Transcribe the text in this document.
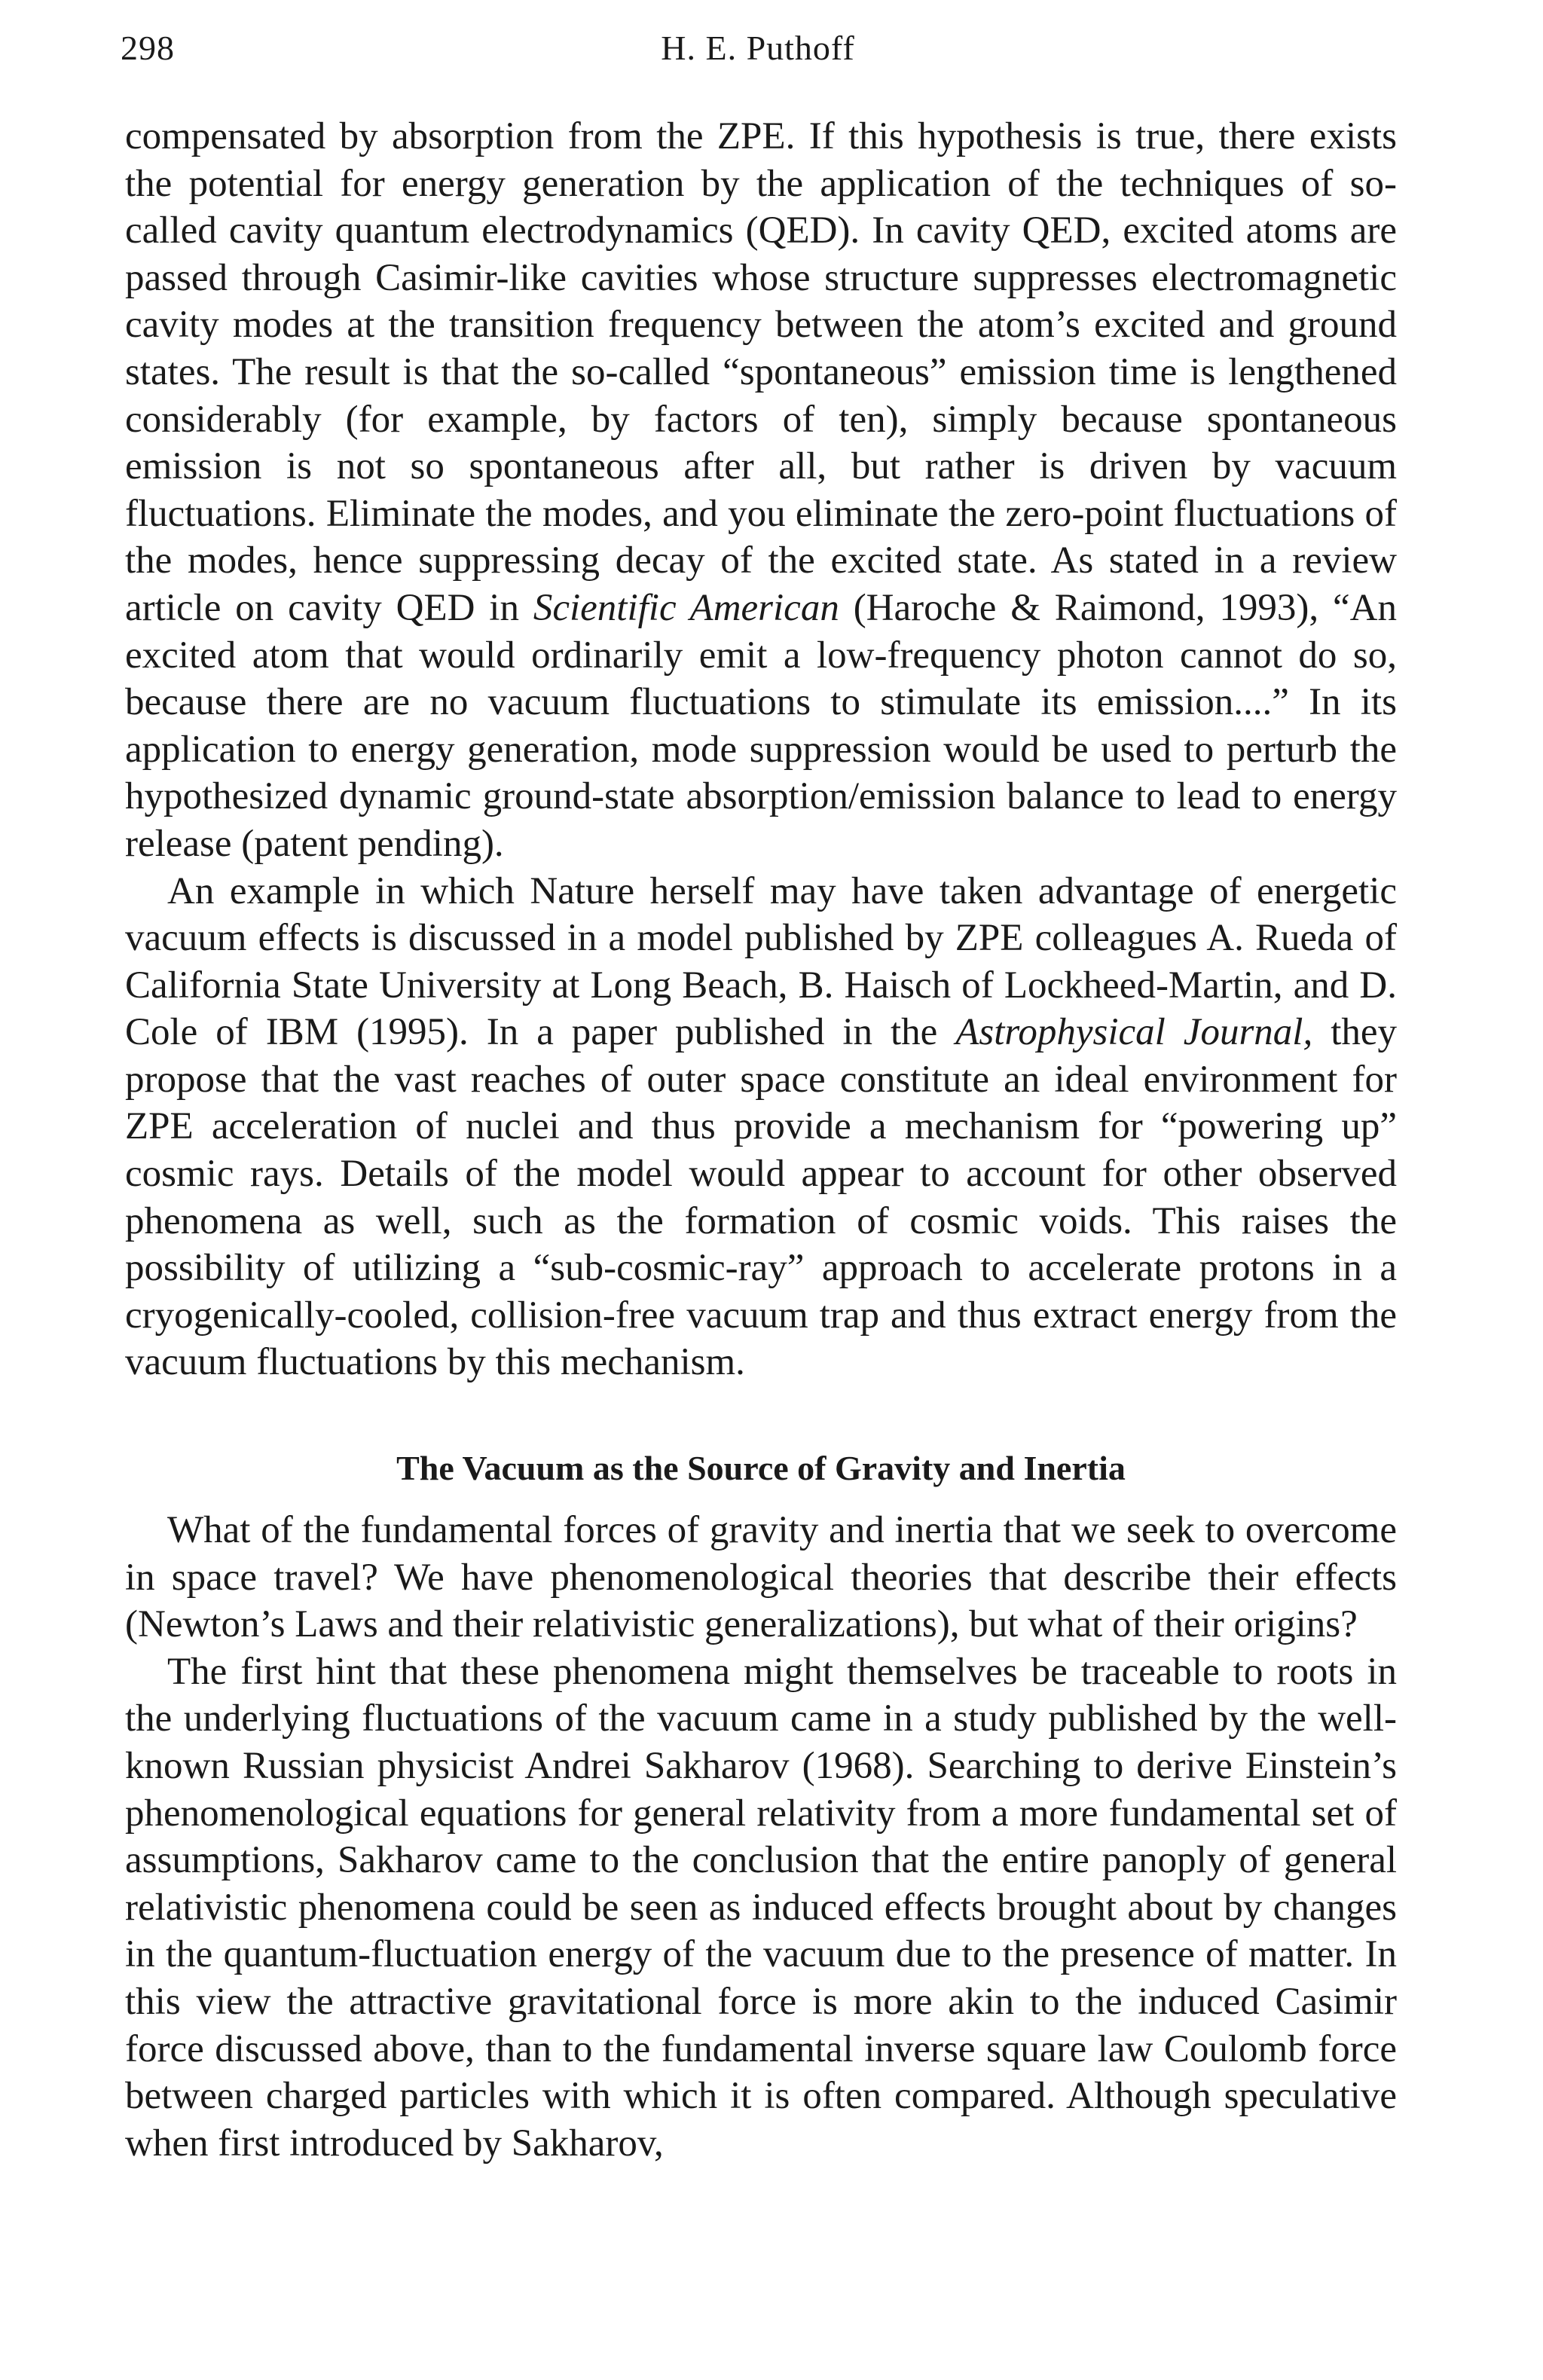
298	H. E. Puthoff

compensated by absorption from the ZPE. If this hypothesis is true, there exists the potential for energy generation by the application of the techniques of so-called cavity quantum electrodynamics (QED). In cavity QED, excited atoms are passed through Casimir-like cavities whose structure suppresses electromagnetic cavity modes at the transition frequency between the atom’s excited and ground states. The result is that the so-called “spontaneous” emission time is lengthened considerably (for example, by factors of ten), simply because spontaneous emission is not so spontaneous after all, but rather is driven by vacuum fluctuations. Eliminate the modes, and you eliminate the zero-point fluctuations of the modes, hence suppressing decay of the excited state. As stated in a review article on cavity QED in Scientific American (Haroche & Raimond, 1993), “An excited atom that would ordinarily emit a low-frequency photon cannot do so, because there are no vacuum fluctuations to stimulate its emission....” In its application to energy generation, mode suppression would be used to perturb the hypothesized dynamic ground-state absorption/emission balance to lead to energy release (patent pending).

An example in which Nature herself may have taken advantage of energetic vacuum effects is discussed in a model published by ZPE colleagues A. Rueda of California State University at Long Beach, B. Haisch of Lockheed-Martin, and D. Cole of IBM (1995). In a paper published in the Astrophysical Journal, they propose that the vast reaches of outer space constitute an ideal environment for ZPE acceleration of nuclei and thus provide a mechanism for “powering up” cosmic rays. Details of the model would appear to account for other observed phenomena as well, such as the formation of cosmic voids. This raises the possibility of utilizing a “sub-cosmic-ray” approach to accelerate protons in a cryogenically-cooled, collision-free vacuum trap and thus extract energy from the vacuum fluctuations by this mechanism.

The Vacuum as the Source of Gravity and Inertia

What of the fundamental forces of gravity and inertia that we seek to overcome in space travel? We have phenomenological theories that describe their effects (Newton’s Laws and their relativistic generalizations), but what of their origins?

The first hint that these phenomena might themselves be traceable to roots in the underlying fluctuations of the vacuum came in a study published by the well-known Russian physicist Andrei Sakharov (1968). Searching to derive Einstein’s phenomenological equations for general relativity from a more fundamental set of assumptions, Sakharov came to the conclusion that the entire panoply of general relativistic phenomena could be seen as induced effects brought about by changes in the quantum-fluctuation energy of the vacuum due to the presence of matter. In this view the attractive gravitational force is more akin to the induced Casimir force discussed above, than to the fundamental inverse square law Coulomb force between charged particles with which it is often compared. Although speculative when first introduced by Sakharov,
